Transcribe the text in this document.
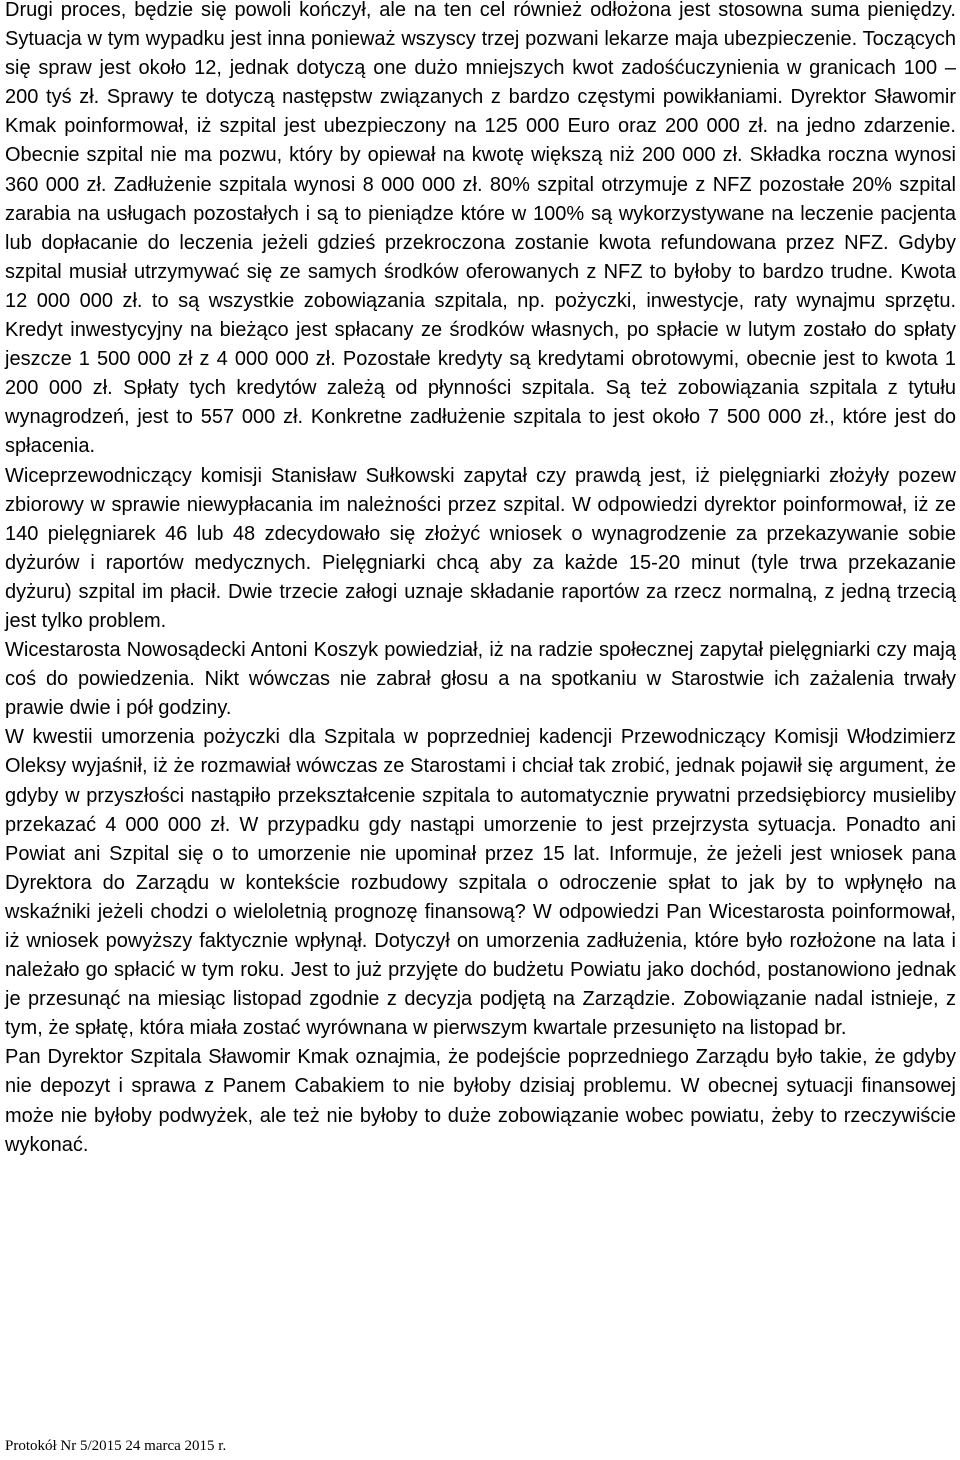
Drugi proces, będzie się powoli kończył, ale na ten cel również odłożona jest stosowna suma pieniędzy. Sytuacja w tym wypadku jest inna ponieważ wszyscy trzej pozwani lekarze maja ubezpieczenie. Toczących się spraw jest około 12, jednak dotyczą one dużo mniejszych kwot zadośćuczynienia w granicach 100 – 200 tyś zł. Sprawy te dotyczą następstw związanych z bardzo częstymi powikłaniami. Dyrektor Sławomir Kmak poinformował, iż szpital jest ubezpieczony na 125 000 Euro oraz 200 000 zł. na jedno zdarzenie. Obecnie szpital nie ma pozwu, który by opiewał na kwotę większą niż 200 000 zł. Składka roczna wynosi 360 000 zł. Zadłużenie szpitala wynosi 8 000 000 zł. 80% szpital otrzymuje z NFZ pozostałe 20% szpital zarabia na usługach pozostałych i są to pieniądze które w 100% są wykorzystywane na leczenie pacjenta lub dopłacanie do leczenia jeżeli gdzieś przekroczona zostanie kwota refundowana przez NFZ. Gdyby szpital musiał utrzymywać się ze samych środków oferowanych z NFZ to byłoby to bardzo trudne. Kwota 12 000 000 zł. to są wszystkie zobowiązania szpitala, np. pożyczki, inwestycje, raty wynajmu sprzętu. Kredyt inwestycyjny na bieżąco jest spłacany ze środków własnych, po spłacie w lutym zostało do spłaty jeszcze 1 500 000 zł z 4 000 000 zł. Pozostałe kredyty są kredytami obrotowymi, obecnie jest to kwota 1 200 000 zł. Spłaty tych kredytów zależą od płynności szpitala. Są też zobowiązania szpitala z tytułu wynagrodzeń, jest to 557 000 zł. Konkretne zadłużenie szpitala to jest około 7 500 000 zł., które jest do spłacenia.

Wiceprzewodniczący komisji Stanisław Sułkowski zapytał czy prawdą jest, iż pielęgniarki złożyły pozew zbiorowy w sprawie niewypłacania im należności przez szpital. W odpowiedzi dyrektor poinformował, iż ze 140 pielęgniarek 46 lub 48 zdecydowało się złożyć wniosek o wynagrodzenie za przekazywanie sobie dyżurów i raportów medycznych. Pielęgniarki chcą aby za każde 15-20 minut (tyle trwa przekazanie dyżuru) szpital im płacił. Dwie trzecie załogi uznaje składanie raportów za rzecz normalną, z jedną trzecią jest tylko problem.

Wicestarosta Nowosądecki Antoni Koszyk powiedział, iż na radzie społecznej zapytał pielęgniarki czy mają coś do powiedzenia. Nikt wówczas nie zabrał głosu a na spotkaniu w Starostwie ich zażalenia trwały prawie dwie i pół godziny.

W kwestii umorzenia pożyczki dla Szpitala w poprzedniej kadencji Przewodniczący Komisji Włodzimierz Oleksy wyjaśnił, iż że rozmawiał wówczas ze Starostami i chciał tak zrobić, jednak pojawił się argument, że gdyby w przyszłości nastąpiło przekształcenie szpitala to automatycznie prywatni przedsiębiorcy musieliby przekazać 4 000 000 zł. W przypadku gdy nastąpi umorzenie to jest przejrzysta sytuacja. Ponadto ani Powiat ani Szpital się o to umorzenie nie upominał przez 15 lat. Informuje, że jeżeli jest wniosek pana Dyrektora do Zarządu w kontekście rozbudowy szpitala o odroczenie spłat to jak by to wpłynęło na wskaźniki jeżeli chodzi o wieloletnią prognozę finansową? W odpowiedzi Pan Wicestarosta poinformował, iż wniosek powyższy faktycznie wpłynął. Dotyczył on umorzenia zadłużenia, które było rozłożone na lata i należało go spłacić w tym roku. Jest to już przyjęte do budżetu Powiatu jako dochód, postanowiono jednak je przesunąć na miesiąc listopad zgodnie z decyzja podjętą na Zarządzie. Zobowiązanie nadal istnieje, z tym, że spłatę, która miała zostać wyrównana w pierwszym kwartale przesunięto na listopad br.

Pan Dyrektor Szpitala Sławomir Kmak oznajmia, że podejście poprzedniego Zarządu było takie, że gdyby nie depozyt i sprawa z Panem Cabakiem to nie byłoby dzisiaj problemu. W obecnej sytuacji finansowej może nie byłoby podwyżek, ale też nie byłoby to duże zobowiązanie wobec powiatu, żeby to rzeczywiście wykonać.

Protokół Nr 5/2015 24 marca 2015 r.
